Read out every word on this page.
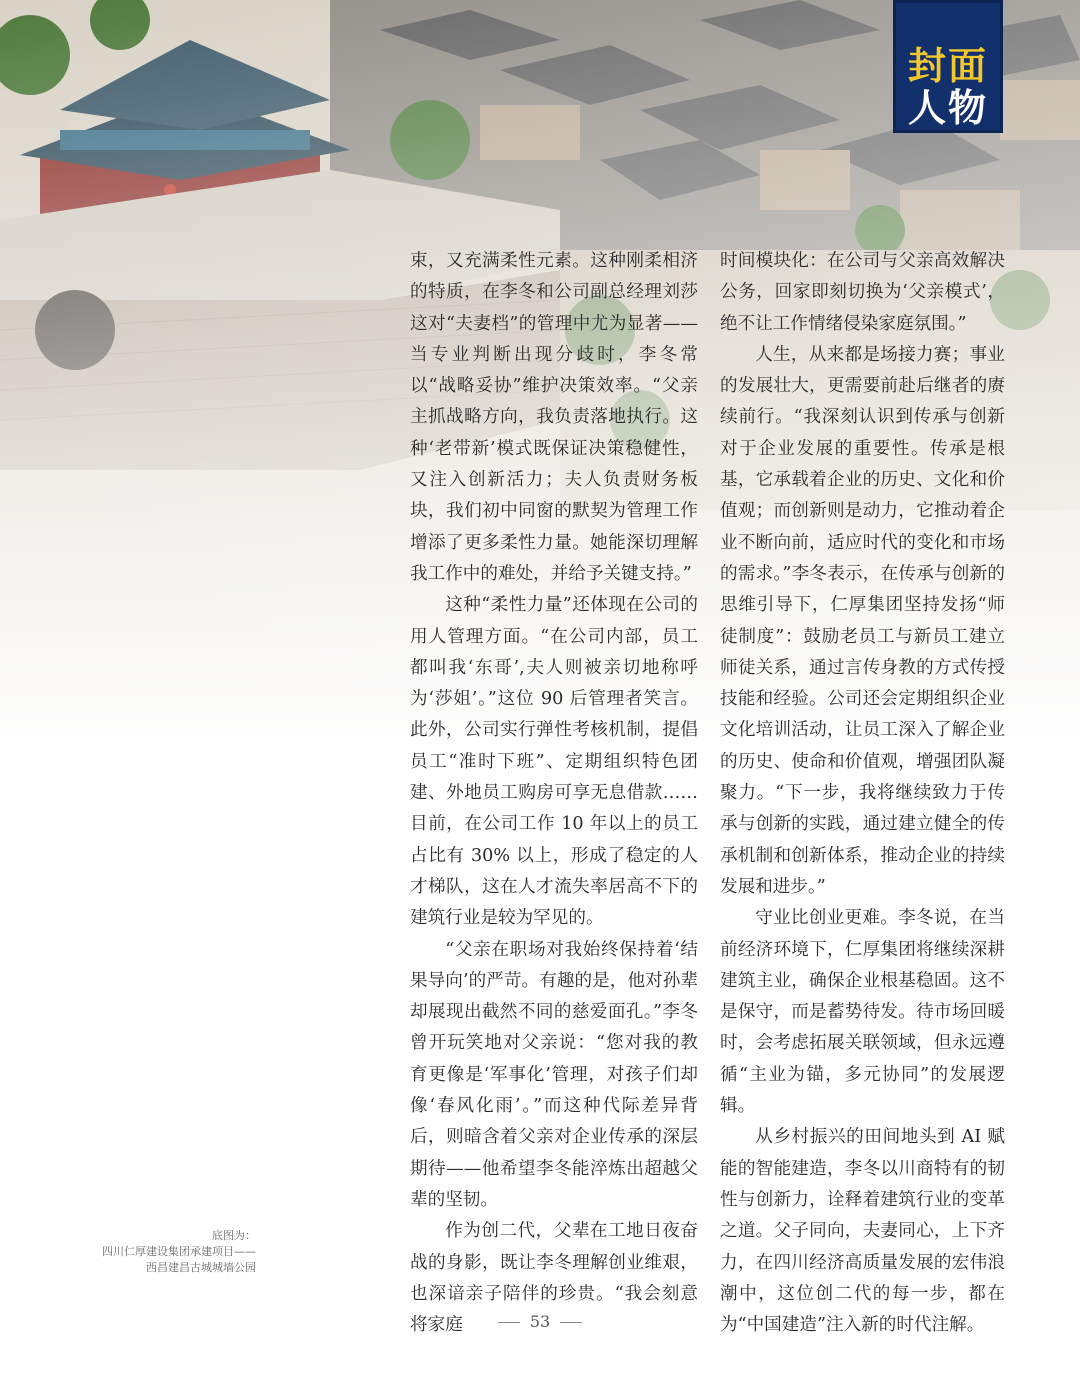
封面
人物

束，又充满柔性元素。这种刚柔相济的特质，在李冬和公司副总经理刘莎这对“夫妻档”的管理中尤为显著——当专业判断出现分歧时，李冬常以“战略妥协”维护决策效率。“父亲主抓战略方向，我负责落地执行。这种‘老带新’模式既保证决策稳健性，又注入创新活力；夫人负责财务板块，我们初中同窗的默契为管理工作增添了更多柔性力量。她能深切理解我工作中的难处，并给予关键支持。”

这种“柔性力量”还体现在公司的用人管理方面。“在公司内部，员工都叫我‘东哥’,夫人则被亲切地称呼为‘莎姐’。”这位 90 后管理者笑言。此外，公司实行弹性考核机制，提倡员工“准时下班”、定期组织特色团建、外地员工购房可享无息借款……目前，在公司工作 10 年以上的员工占比有 30% 以上，形成了稳定的人才梯队，这在人才流失率居高不下的建筑行业是较为罕见的。

“父亲在职场对我始终保持着‘结果导向’的严苛。有趣的是，他对孙辈却展现出截然不同的慈爱面孔。”李冬曾开玩笑地对父亲说：“您对我的教育更像是‘军事化’管理，对孩子们却像‘春风化雨’。”而这种代际差异背后，则暗含着父亲对企业传承的深层期待——他希望李冬能淬炼出超越父辈的坚韧。

作为创二代，父辈在工地日夜奋战的身影，既让李冬理解创业维艰，也深谙亲子陪伴的珍贵。“我会刻意将家庭

时间模块化：在公司与父亲高效解决公务，回家即刻切换为‘父亲模式’，绝不让工作情绪侵染家庭氛围。”

人生，从来都是场接力赛；事业的发展壮大，更需要前赴后继者的赓续前行。“我深刻认识到传承与创新对于企业发展的重要性。传承是根基，它承载着企业的历史、文化和价值观；而创新则是动力，它推动着企业不断向前，适应时代的变化和市场的需求。”李冬表示，在传承与创新的思维引导下，仁厚集团坚持发扬“师徒制度”：鼓励老员工与新员工建立师徒关系，通过言传身教的方式传授技能和经验。公司还会定期组织企业文化培训活动，让员工深入了解企业的历史、使命和价值观，增强团队凝聚力。“下一步，我将继续致力于传承与创新的实践，通过建立健全的传承机制和创新体系，推动企业的持续发展和进步。”

守业比创业更难。李冬说，在当前经济环境下，仁厚集团将继续深耕建筑主业，确保企业根基稳固。这不是保守，而是蓄势待发。待市场回暖时，会考虑拓展关联领域，但永远遵循“主业为锚，多元协同”的发展逻辑。

从乡村振兴的田间地头到 AI 赋能的智能建造，李冬以川商特有的韧性与创新力，诠释着建筑行业的变革之道。父子同向，夫妻同心，上下齐力，在四川经济高质量发展的宏伟浪潮中，这位创二代的每一步，都在为“中国建造”注入新的时代注解。

底图为：
四川仁厚建设集团承建项目——
西昌建昌古城城墙公园
53
